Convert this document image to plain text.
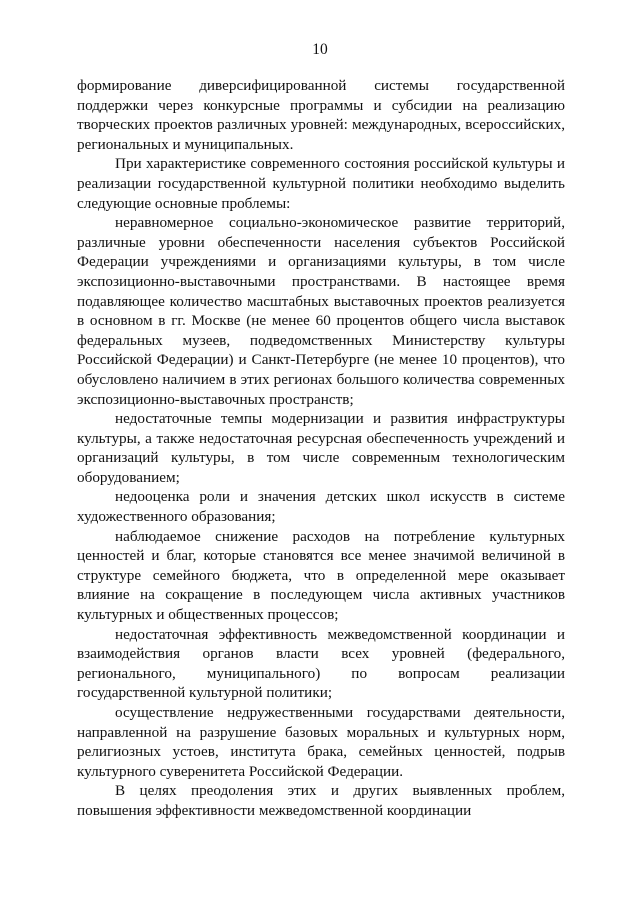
10

формирование диверсифицированной системы государственной поддержки через конкурсные программы и субсидии на реализацию творческих проектов различных уровней: международных, всероссийских, региональных и муниципальных.

При характеристике современного состояния российской культуры и реализации государственной культурной политики необходимо выделить следующие основные проблемы:

неравномерное социально-экономическое развитие территорий, различные уровни обеспеченности населения субъектов Российской Федерации учреждениями и организациями культуры, в том числе экспозиционно-выставочными пространствами. В настоящее время подавляющее количество масштабных выставочных проектов реализуется в основном в гг. Москве (не менее 60 процентов общего числа выставок федеральных музеев, подведомственных Министерству культуры Российской Федерации) и Санкт-Петербурге (не менее 10 процентов), что обусловлено наличием в этих регионах большого количества современных экспозиционно-выставочных пространств;

недостаточные темпы модернизации и развития инфраструктуры культуры, а также недостаточная ресурсная обеспеченность учреждений и организаций культуры, в том числе современным технологическим оборудованием;

недооценка роли и значения детских школ искусств в системе художественного образования;

наблюдаемое снижение расходов на потребление культурных ценностей и благ, которые становятся все менее значимой величиной в структуре семейного бюджета, что в определенной мере оказывает влияние на сокращение в последующем числа активных участников культурных и общественных процессов;

недостаточная эффективность межведомственной координации и взаимодействия органов власти всех уровней (федерального, регионального, муниципального) по вопросам реализации государственной культурной политики;

осуществление недружественными государствами деятельности, направленной на разрушение базовых моральных и культурных норм, религиозных устоев, института брака, семейных ценностей, подрыв культурного суверенитета Российской Федерации.

В целях преодоления этих и других выявленных проблем, повышения эффективности межведомственной координации
